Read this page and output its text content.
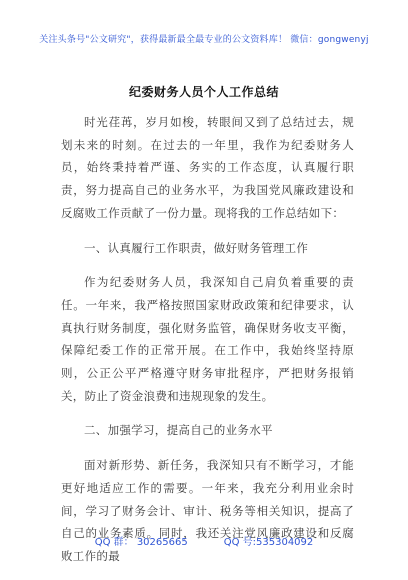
关注头条号"公文研究"，获得最新最全最专业的公文资料库！ 微信：gongwenyj
纪委财务人员个人工作总结

时光荏苒，岁月如梭，转眼间又到了总结过去，规划未来的时刻。在过去的一年里，我作为纪委财务人员，始终秉持着严谨、务实的工作态度，认真履行职责，努力提高自己的业务水平，为我国党风廉政建设和反腐败工作贡献了一份力量。现将我的工作总结如下：

一、认真履行工作职责，做好财务管理工作

作为纪委财务人员，我深知自己肩负着重要的责任。一年来，我严格按照国家财政政策和纪律要求，认真执行财务制度，强化财务监管，确保财务收支平衡，保障纪委工作的正常开展。在工作中，我始终坚持原则，公正公平严格遵守财务审批程序，严把财务报销关，防止了资金浪费和违规现象的发生。

二、加强学习，提高自己的业务水平

面对新形势、新任务，我深知只有不断学习，才能更好地适应工作的需要。一年来，我充分利用业余时间，学习了财务会计、审计、税务等相关知识，提高了自己的业务素质。同时，我还关注党风廉政建设和反腐败工作的最

QQ 群： 30265665	QQ 号:535304092
